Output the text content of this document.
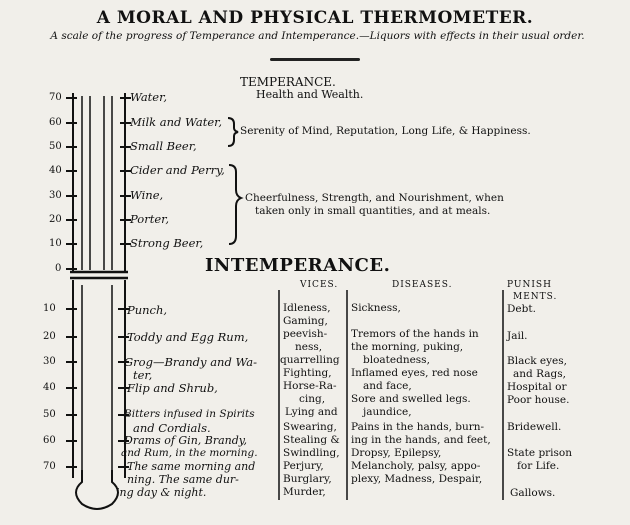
A MORAL AND PHYSICAL THERMOMETER.
A scale of the progress of Temperance and Intemperance.—Liquors with effects in their usual order.
TEMPERANCE.
Health and Wealth.
70
60
50
40
30
20
10
0
Water,
Milk and Water,
Small Beer,
Cider and Perry,
Wine,
Porter,
Strong Beer,
Serenity of Mind, Reputation, Long Life, & Happiness.
Cheerfulness, Strength, and Nourishment, when
taken only in small quantities, and at meals.
INTEMPERANCE.
VICES.	DISEASES.	PUNISH
MENTS.
10
20
30
40
50
60
70
Punch,
Toddy and Egg Rum,
Grog—Brandy and Wa-
ter,
Flip and Shrub,
Bitters infused in Spirits
and Cordials.
Drams of Gin, Brandy,
and Rum, in the morning.
The same morning and
ning. The same dur-
ing day & night.
Idleness,
Gaming,
peevish-
ness,
quarrelling
Fighting,
Horse-Ra-
cing,
Lying and
Swearing,
Stealing &
Swindling,
Perjury,
Burglary,
Murder,
Sickness,
Tremors of the hands in
the morning, puking,
bloatedness,
Inflamed eyes, red nose
and face,
Sore and swelled legs.
jaundice,
Pains in the hands, burn-
ing in the hands, and feet,
Dropsy, Epilepsy,
Melancholy, palsy, appo-
plexy, Madness, Despair,
Debt.
Jail.
Black eyes,
and Rags,
Hospital or
Poor house.
Bridewell.
State prison
for Life.
Gallows.
